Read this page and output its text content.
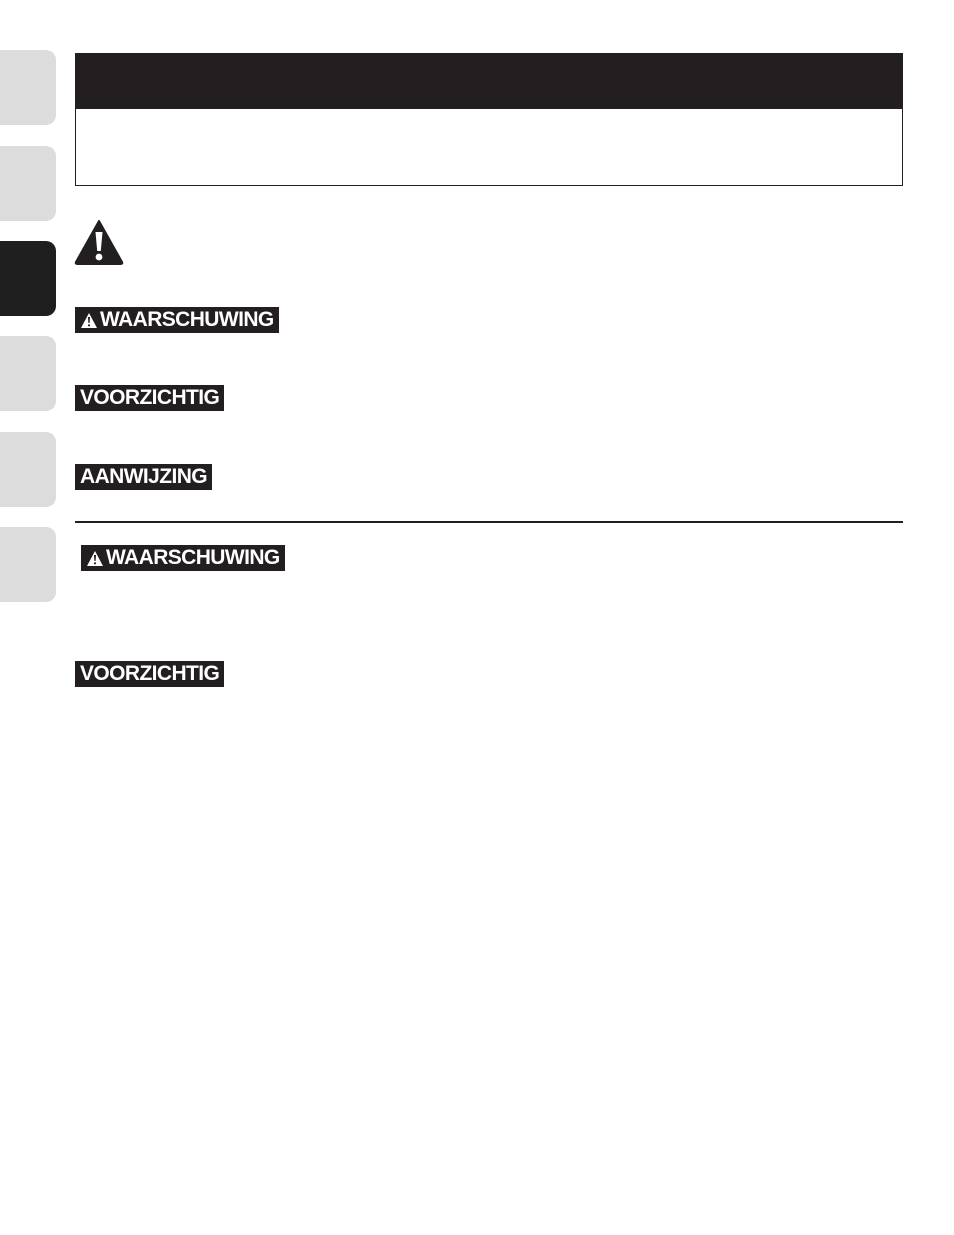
WAARSCHUWING
VOORZICHTIG
AANWIJZING
WAARSCHUWING
VOORZICHTIG
